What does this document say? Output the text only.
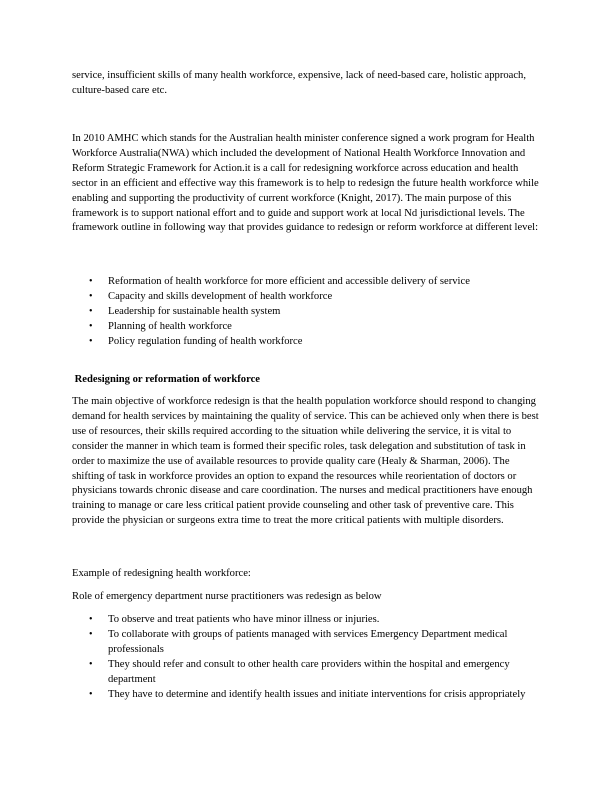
service, insufficient skills of many health workforce, expensive, lack of need-based care, holistic approach, culture-based care etc.

In 2010 AMHC which stands for the Australian health minister conference signed a work program for Health Workforce Australia(NWA) which included the development of National Health Workforce Innovation and Reform Strategic Framework for Action.it is a call for redesigning workforce across education and health sector in an efficient and effective way this framework is to help to redesign the future health workforce while enabling and supporting the productivity of current workforce (Knight, 2017). The main purpose of this framework is to support national effort and to guide and support work at local Nd jurisdictional levels. The framework outline in following way that provides guidance to redesign or reform workforce at different level:

• Reformation of health workforce for more efficient and accessible delivery of service
• Capacity and skills development of health workforce
• Leadership for sustainable health system
• Planning of health workforce
• Policy regulation funding of health workforce

Redesigning or reformation of workforce

The main objective of workforce redesign is that the health population workforce should respond to changing demand for health services by maintaining the quality of service. This can be achieved only when there is best use of resources, their skills required according to the situation while delivering the service, it is vital to consider the manner in which team is formed their specific roles, task delegation and substitution of task in order to maximize the use of available resources to provide quality care (Healy & Sharman, 2006). The shifting of task in workforce provides an option to expand the resources while reorientation of doctors or physicians towards chronic disease and care coordination. The nurses and medical practitioners have enough training to manage or care less critical patient provide counseling and other task of preventive care. This provide the physician or surgeons extra time to treat the more critical patients with multiple disorders.

Example of redesigning health workforce:

Role of emergency department nurse practitioners was redesign as below

• To observe and treat patients who have minor illness or injuries.
• To collaborate with groups of patients managed with services Emergency Department medical professionals
• They should refer and consult to other health care providers within the hospital and emergency department
• They have to determine and identify health issues and initiate interventions for crisis appropriately
